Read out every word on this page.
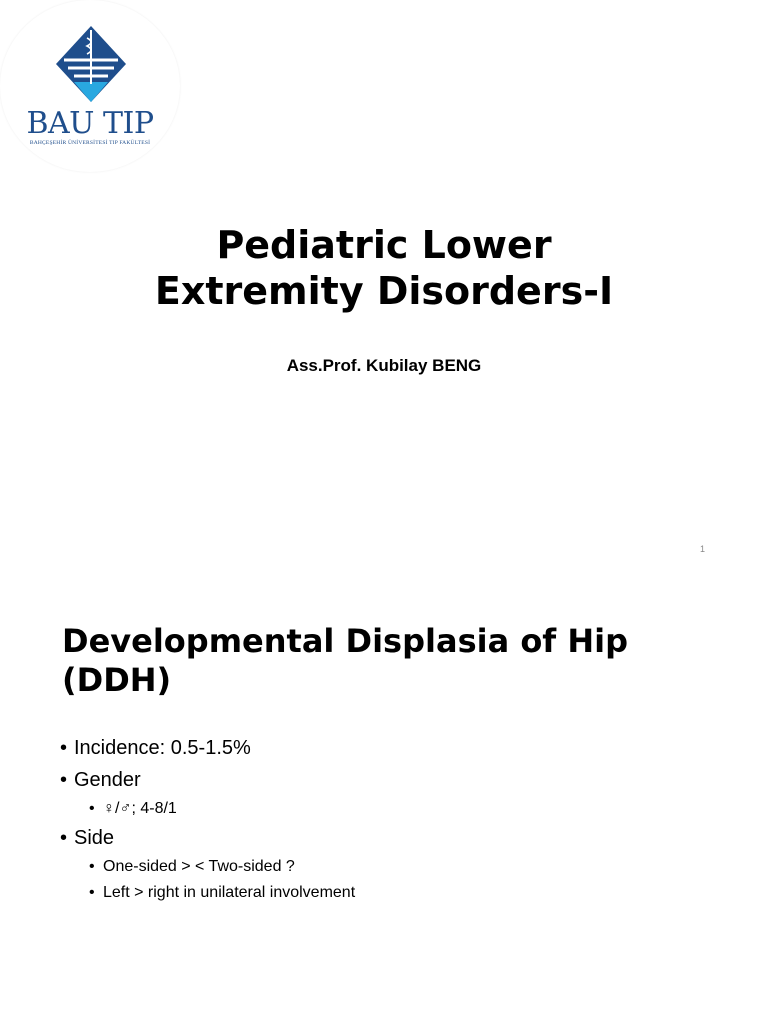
BAU TIP
BAHÇEŞEHİR ÜNİVERSİTESİ TIP FAKÜLTESİ
Pediatric Lower
Extremity Disorders-I
Ass.Prof. Kubilay BENG
1
Developmental Displasia of Hip
(DDH)
• Incidence: 0.5-1.5%
• Gender
• ♀/♂; 4-8/1
• Side
• One-sided > < Two-sided ?
• Left > right in unilateral involvement
